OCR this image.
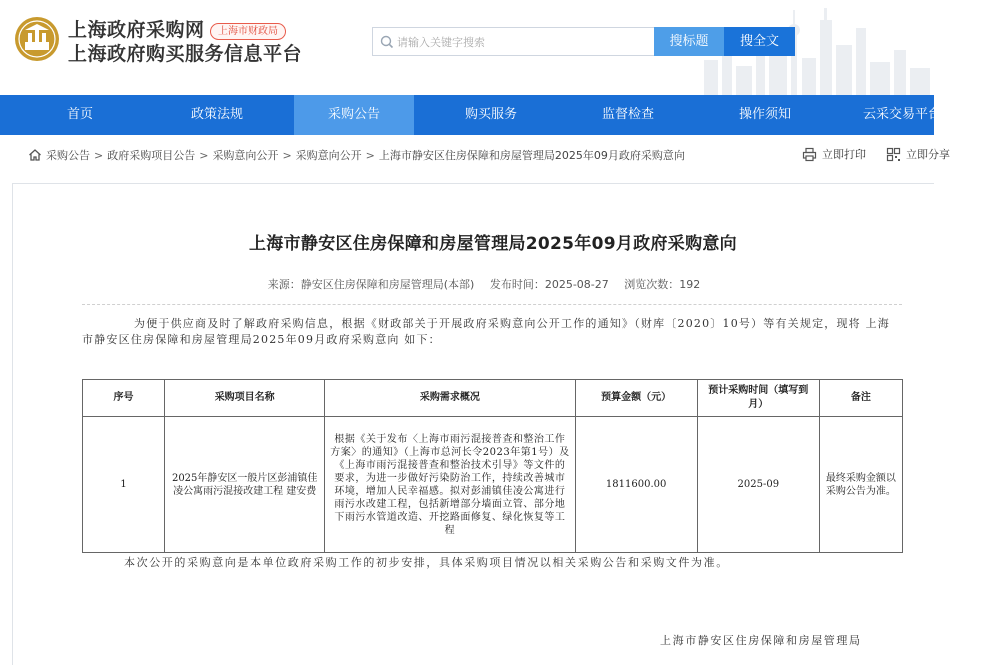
上海政府采购网	上海市财政局
上海政府购买服务信息平台
请输入关键字搜索
搜标题	搜全文
首页	政策法规	采购公告	购买服务	监督检查	操作须知	云采交易平台
采购公告 > 政府采购项目公告 > 采购意向公开 > 采购意向公开 > 上海市静安区住房保障和房屋管理局2025年09月政府采购意向	立即打印	立即分享
上海市静安区住房保障和房屋管理局2025年09月政府采购意向
来源：静安区住房保障和房屋管理局(本部) 发布时间：2025-08-27 浏览次数：192
为便于供应商及时了解政府采购信息，根据《财政部关于开展政府采购意向公开工作的通知》（财库〔2020〕10号）等有关规定，现将 上海市静安区住房保障和房屋管理局2025年09月政府采购意向 如下：
序号	采购项目名称	采购需求概况	预算金额（元）	预计采购时间（填写到月）	备注
1	2025年静安区一般片区彭浦镇佳凌公寓雨污混接改建工程 建安费	根据《关于发布〈上海市雨污混接普查和整治工作方案〉的通知》（上海市总河长令2023年第1号）及《上海市雨污混接普查和整治技术引导》等文件的要求，为进一步做好污染防治工作，持续改善城市环境，增加人民幸福感。拟对彭浦镇佳凌公寓进行雨污水改建工程，包括新增部分墙面立管、部分地下雨污水管道改造、开挖路面修复、绿化恢复等工程	1811600.00	2025-09	最终采购金额以采购公告为准。
本次公开的采购意向是本单位政府采购工作的初步安排，具体采购项目情况以相关采购公告和采购文件为准。
上海市静安区住房保障和房屋管理局
